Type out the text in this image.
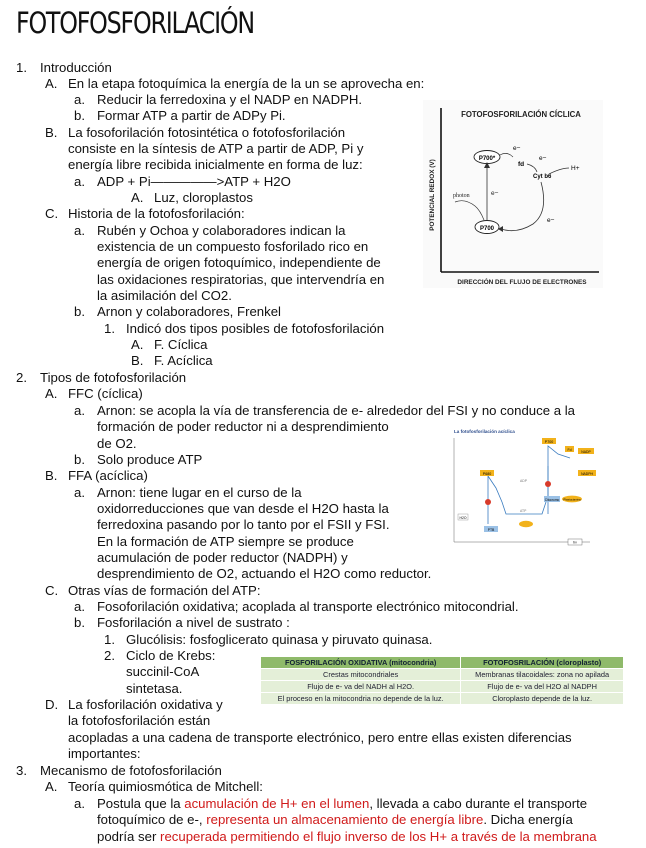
FOTOFOSFORILACIÓN
1. Introducción
A. En la etapa fotoquímica la energía de la un se aprovecha en:
a. Reducir la ferredoxina y el NADP en NADPH.
b. Formar ATP a partir de ADPy Pi.
B. La fosoforilación fotosintética o fotofosforilación
consiste en la síntesis de ATP a partir de ADP, Pi y
energía libre recibida inicialmente en forma de luz:
a. ADP + Pi—————>ATP + H2O
A. Luz, cloroplastos
C. Historia de la fotofosforilación:
a. Rubén y Ochoa y colaboradores indican la
existencia de un compuesto fosforilado rico en
energía de origen fotoquímico, independiente de
las oxidaciones respiratorias, que intervendría en
la asimilación del CO2.
b. Arnon y colaboradores, Frenkel
1. Indicó dos tipos posibles de fotofosforilación
A. F. Cíclica
B. F. Acíclica
2. Tipos de fotofosforilación
A. FFC (cíclica)
a. Arnon: se acopla la vía de transferencia de e- alrededor del FSI y no conduce a la
formación de poder reductor ni a desprendimiento
de O2.
b. Solo produce ATP
B. FFA (acíclica)
a. Arnon: tiene lugar en el curso de la
oxidorreducciones que van desde el H2O hasta la
ferredoxina pasando por lo tanto por el FSII y FSI.
En la formación de ATP siempre se produce
acumulación de poder reductor (NADPH) y
desprendimiento de O2, actuando el H2O como reductor.
C. Otras vías de formación del ATP:
a. Fosoforilación oxidativa; acoplada al transporte electrónico mitocondrial.
b. Fosforilación a nivel de sustrato :
1. Glucólisis: fosfoglicerato quinasa y piruvato quinasa.
2. Ciclo de Krebs:
succinil-CoA
sintetasa.
D. La fosforilación oxidativa y
la fotofosforilación están
acopladas a una cadena de transporte electrónico, pero entre ellas existen diferencias
importantes:
3. Mecanismo de fotofosforilación
A. Teoría quimiosmótica de Mitchell:
a. Postula que la acumulación de H+ en el lumen, llevada a cabo durante el transporte
fotoquímico de e-, representa un almacenamiento de energía libre. Dicha energía
podría ser recuperada permitiendo el flujo inverso de los H+ a través de la membrana
FOTOFOSFORILACIÓN CÍCLICA
POTENCIAL REDOX (V)
DIRECCIÓN DEL FLUJO DE ELECTRONES
P700*
P700
e−
photon
e−
fd
e−
Cyt b6
H+
e−
La fotofosforilación acíclica
P680
P700
Fd	NADP
NADPH
H2O
PTB
ADP
ATP
Citocromo Plastocianina
hν
FOSFORILACIÓN OXIDATIVA (mitocondria)	FOTOFOSRILACIÓN (cloroplasto)
Crestas mitocondriales	Membranas tilacoidales: zona no apilada
Flujo de e- va del NADH al H2O.	Flujo de e- va del H2O al NADPH
El proceso en la mitocondria no depende de la luz.	Cloroplasto depende de la luz.
